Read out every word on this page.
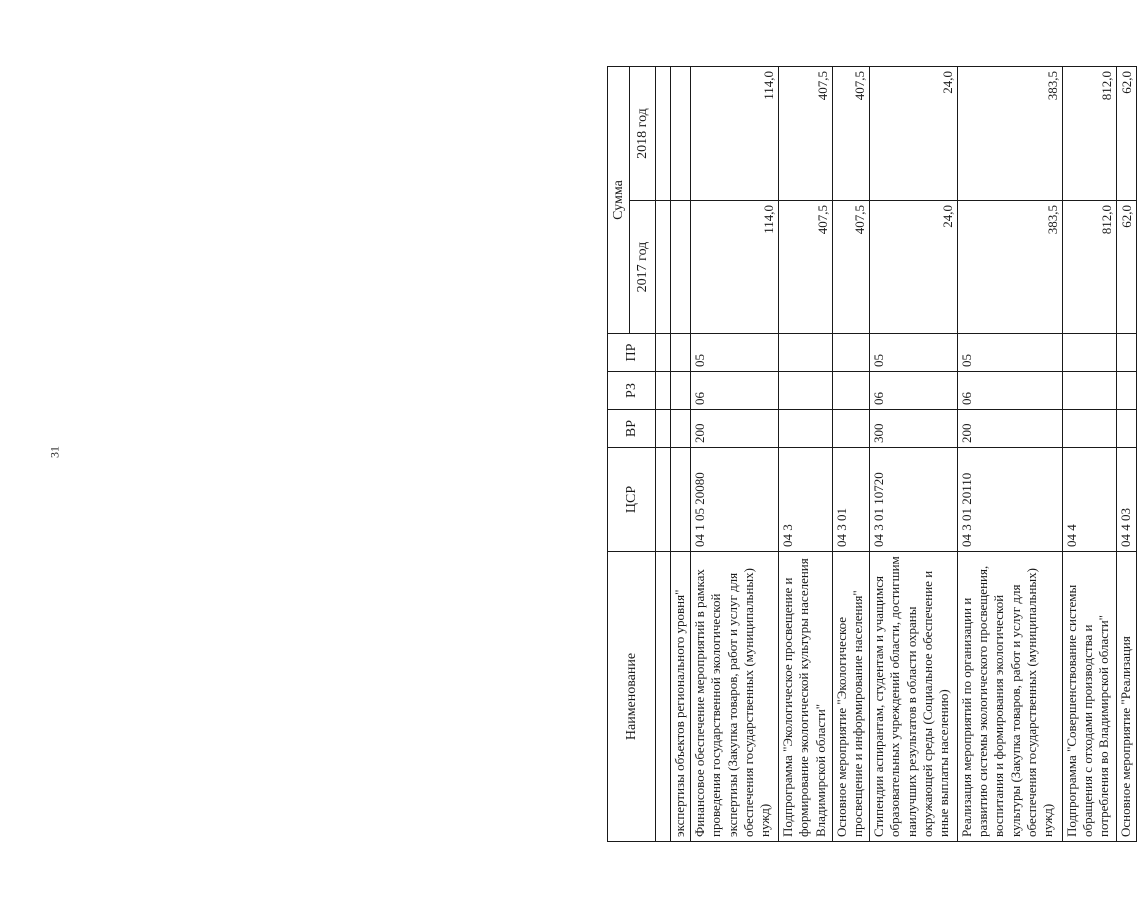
31
Наименование	ЦСР	ВР	РЗ	ПР	Сумма	
					2017 год	2018 год

экспертизы объектов регионального уровня"						
Финансовое обеспечение мероприятий в рамках проведения государственной экологической экспертизы (Закупка товаров, работ и услуг для обеспечения государственных (муниципальных) нужд)	04 1 05 20080	200	06	05	114,0	114,0
Подпрограмма "Экологическое просвещение и формирование экологической культуры населения Владимирской области"	04 3				407,5	407,5
Основное мероприятие "Экологическое просвещение и информирование населения"	04 3 01				407,5	407,5
Стипендии аспирантам, студентам и учащимся образовательных учреждений области, достигшим наилучших результатов в области охраны окружающей среды (Социальное обеспечение и иные выплаты населению)	04 3 01 10720	300	06	05	24,0	24,0
Реализация мероприятий по организации и развитию системы экологического просвещения, воспитания и формирования экологической культуры (Закупка товаров, работ и услуг для обеспечения государственных (муниципальных) нужд)	04 3 01 20110	200	06	05	383,5	383,5
Подпрограмма "Совершенствование системы обращения с отходами производства и потребления во Владимирской области"	04 4				812,0	812,0
Основное мероприятие "Реализация	04 4 03				62,0	62,0
